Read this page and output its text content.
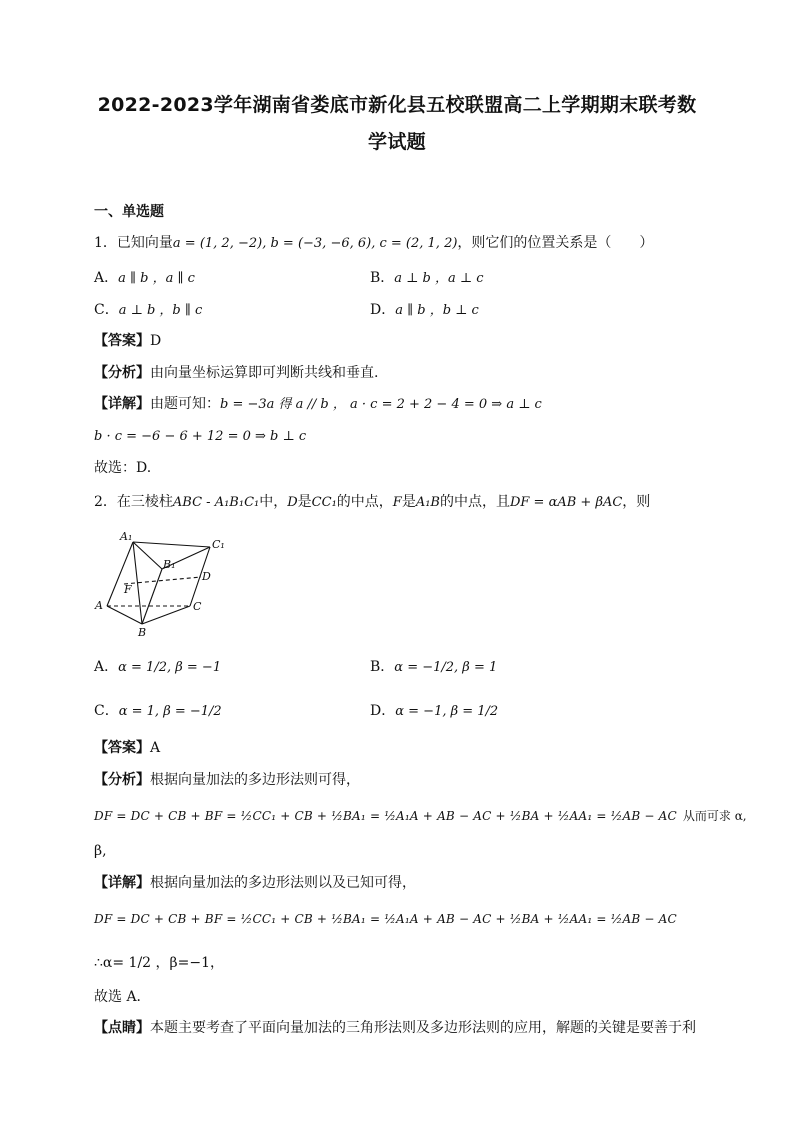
2022-2023学年湖南省娄底市新化县五校联盟高二上学期期末联考数
学试题
一、单选题
1．已知向量a = (1, 2, −2), b = (−3, −6, 6), c = (2, 1, 2)，则它们的位置关系是（　　）
A．a ∥ b ，a ∥ c	B．a ⊥ b ，a ⊥ c
C．a ⊥ b ，b ∥ c	D．a ∥ b ，b ⊥ c
【答案】D
【分析】由向量坐标运算即可判断共线和垂直.
【详解】由题可知：b = −3a 得 a // b ， a · c = 2 + 2 − 4 = 0 ⇒ a ⊥ c
b · c = −6 − 6 + 12 = 0 ⇒ b ⊥ c
故选：D.
2．在三棱柱ABC - A₁B₁C₁中，D是CC₁的中点，F是A₁B的中点，且DF = αAB + βAC，则
A₁
C₁
B₁
D
F
A	C
B
A．α = 1/2, β = −1	B．α = −1/2, β = 1
C．α = 1, β = −1/2	D．α = −1, β = 1/2
【答案】A
【分析】根据向量加法的多边形法则可得，
DF = DC + CB + BF = ½CC₁ + CB + ½BA₁ = ½A₁A + AB − AC + ½BA + ½AA₁ = ½AB − AC 从而可求 α,
β,
【详解】根据向量加法的多边形法则以及已知可得，
DF = DC + CB + BF = ½CC₁ + CB + ½BA₁ = ½A₁A + AB − AC + ½BA + ½AA₁ = ½AB − AC
∴α= 1/2 ，β=−1，
故选 A．
【点睛】本题主要考查了平面向量加法的三角形法则及多边形法则的应用，解题的关键是要善于利
